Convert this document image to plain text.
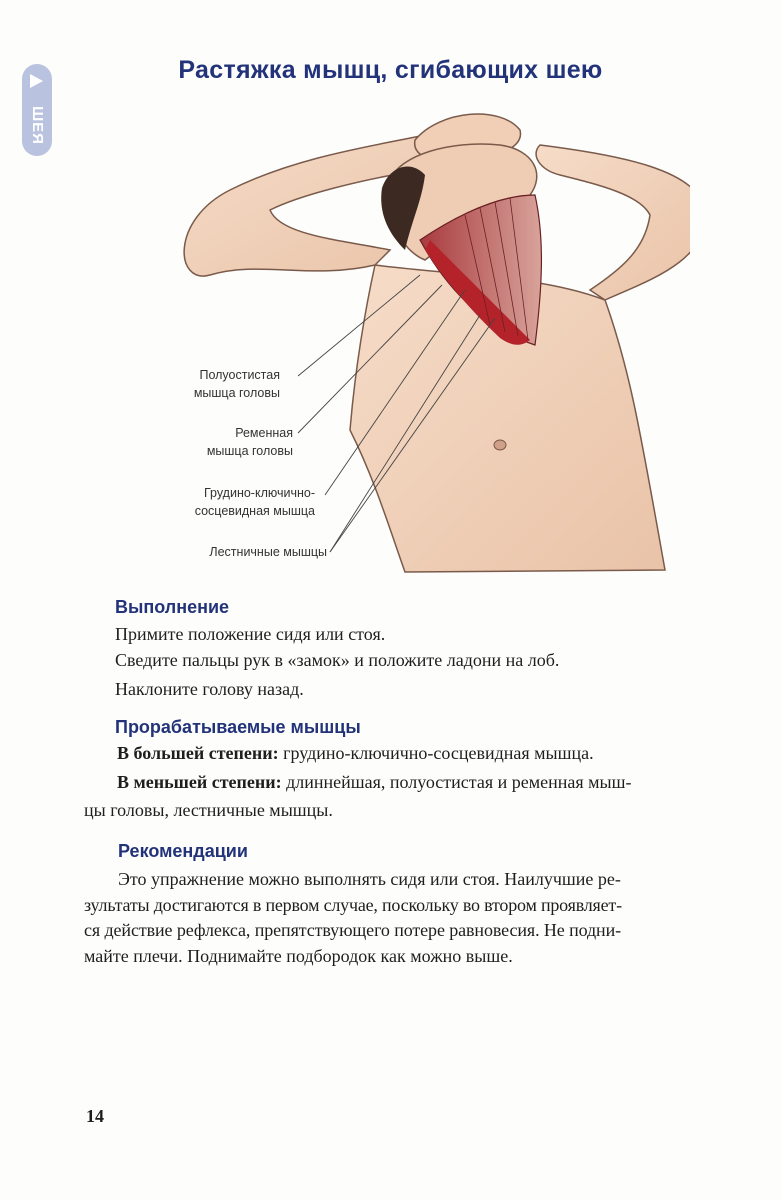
ШЕЯ
Растяжка мышц, сгибающих шею
Полуостистая
мышца головы
Ременная
мышца головы
Грудино-ключично-
сосцевидная мышца
Лестничные мышцы
Выполнение
Примите положение сидя или стоя.
Сведите пальцы рук в «замок» и положите ладони на лоб.
Наклоните голову назад.
Прорабатываемые мышцы
В большей степени: грудино-ключично-сосцевидная мышца.
В меньшей степени: длиннейшая, полуостистая и ременная мыш-
цы головы, лестничные мышцы.
Рекомендации
Это упражнение можно выполнять сидя или стоя. Наилучшие ре-
зультаты достигаются в первом случае, поскольку во втором проявляет-
ся действие рефлекса, препятствующего потере равновесия. Не подни-
майте плечи. Поднимайте подбородок как можно выше.
14
